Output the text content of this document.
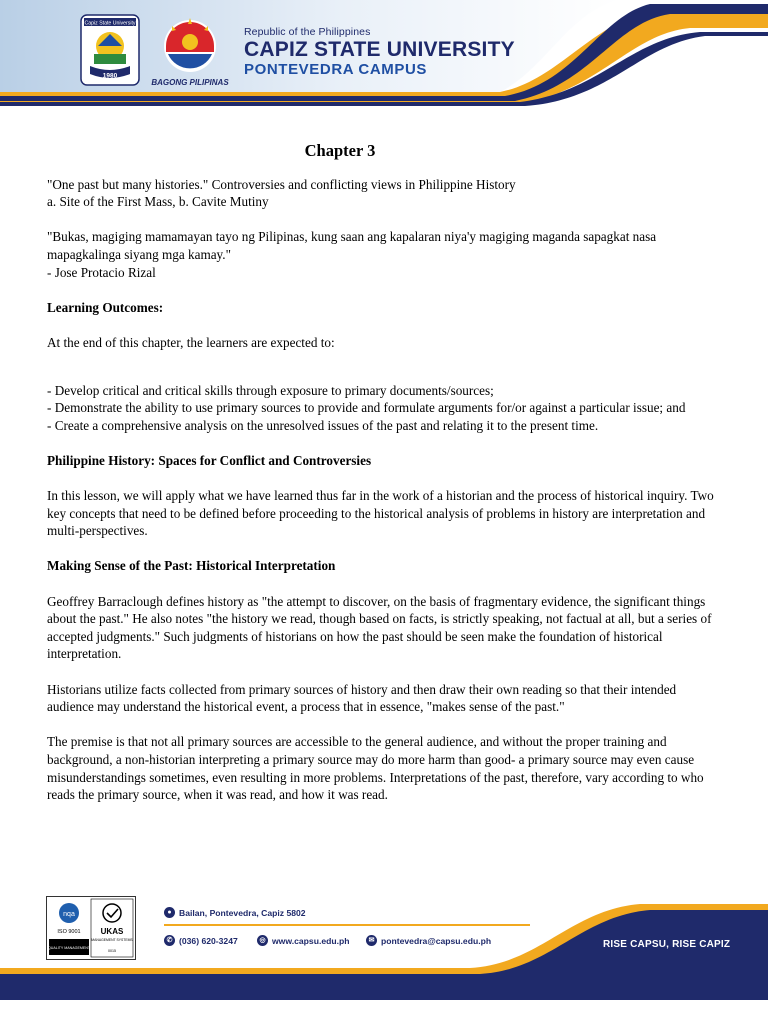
Capiz State University
1980
BAGONG PILIPINAS
Republic of the Philippines
CAPIZ STATE UNIVERSITY
PONTEVEDRA CAMPUS
Chapter 3

"One past but many histories." Controversies and conflicting views in Philippine History

a. Site of the First Mass, b. Cavite Mutiny

"Bukas, magiging mamamayan tayo ng Pilipinas, kung saan ang kapalaran niya'y magiging maganda sapagkat nasa mapagkalinga siyang mga kamay."

- Jose Protacio Rizal

Learning Outcomes:

At the end of this chapter, the learners are expected to:

- Develop critical and critical skills through exposure to primary documents/sources;

- Demonstrate the ability to use primary sources to provide and formulate arguments for/or against a particular issue; and

- Create a comprehensive analysis on the unresolved issues of the past and relating it to the present time.

Philippine History: Spaces for Conflict and Controversies

In this lesson, we will apply what we have learned thus far in the work of a historian and the process of historical inquiry. Two key concepts that need to be defined before proceeding to the historical analysis of problems in history are interpretation and multi-perspectives.

Making Sense of the Past: Historical Interpretation

Geoffrey Barraclough defines history as "the attempt to discover, on the basis of fragmentary evidence, the significant things about the past." He also notes "the history we read, though based on facts, is strictly speaking, not factual at all, but a series of accepted judgments." Such judgments of historians on how the past should be seen make the foundation of historical interpretation.

Historians utilize facts collected from primary sources of history and then draw their own reading so that their intended audience may understand the historical event, a process that in essence, "makes sense of the past."

The premise is that not all primary sources are accessible to the general audience, and without the proper training and background, a non-historian interpreting a primary source may do more harm than good- a primary source may even cause misunderstandings sometimes, even resulting in more problems. Interpretations of the past, therefore, vary according to who reads the primary source, when it was read, and how it was read.

nqa
ISO 9001
QUALITY MANAGEMENT
UKAS
MANAGEMENT SYSTEMS
0015
● Bailan, Pontevedra, Capiz 5802
✆ (036) 620-3247	◎ www.capsu.edu.ph	✉ pontevedra@capsu.edu.ph	RISE CAPSU, RISE CAPIZ
